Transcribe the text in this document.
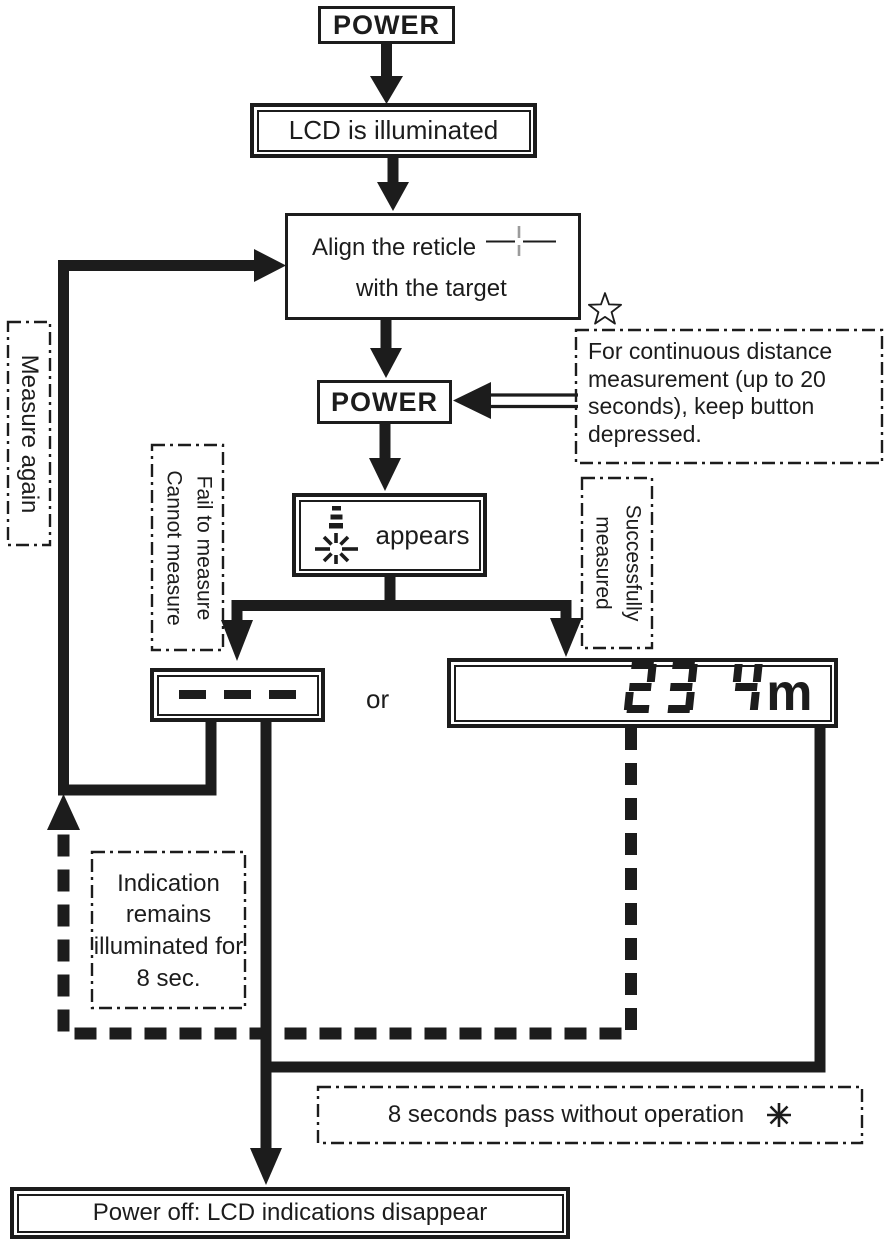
POWER
LCD is illuminated
Align the reticle
with the target
POWER
For continuous distance measurement (up to 20 seconds), keep button depressed.
appears
Fail to measure
Cannot measure	Successfully
measured
Measure again
or	m
Indication remains illuminated for 8 sec.
8 seconds pass without operation
Power off: LCD indications disappear
